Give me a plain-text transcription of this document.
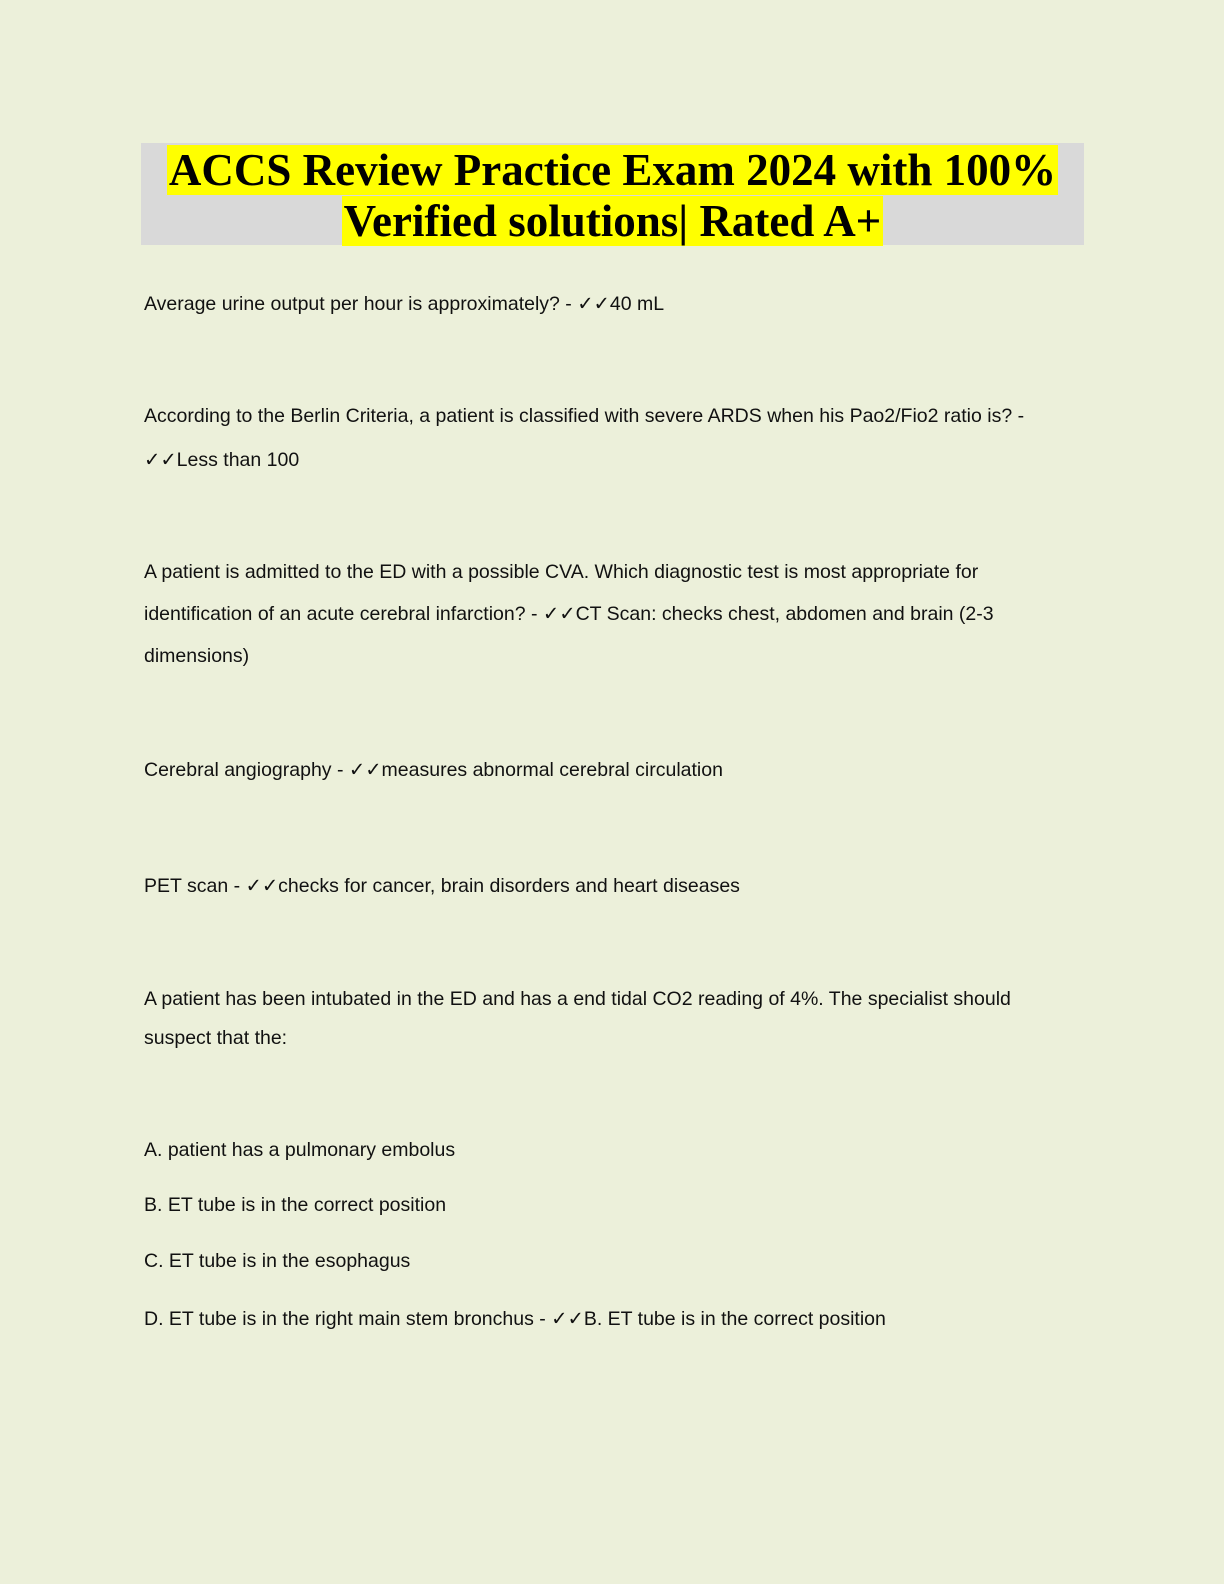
ACCS Review Practice Exam 2024 with 100%
Verified solutions| Rated A+
Average urine output per hour is approximately? - ✓✓40 mL
According to the Berlin Criteria, a patient is classified with severe ARDS when his Pao2/Fio2 ratio is? -
✓✓Less than 100
A patient is admitted to the ED with a possible CVA. Which diagnostic test is most appropriate for
identification of an acute cerebral infarction? - ✓✓CT Scan: checks chest, abdomen and brain (2-3
dimensions)
Cerebral angiography - ✓✓measures abnormal cerebral circulation
PET scan - ✓✓checks for cancer, brain disorders and heart diseases
A patient has been intubated in the ED and has a end tidal CO2 reading of 4%. The specialist should
suspect that the:
A. patient has a pulmonary embolus
B. ET tube is in the correct position
C. ET tube is in the esophagus
D. ET tube is in the right main stem bronchus - ✓✓B. ET tube is in the correct position
